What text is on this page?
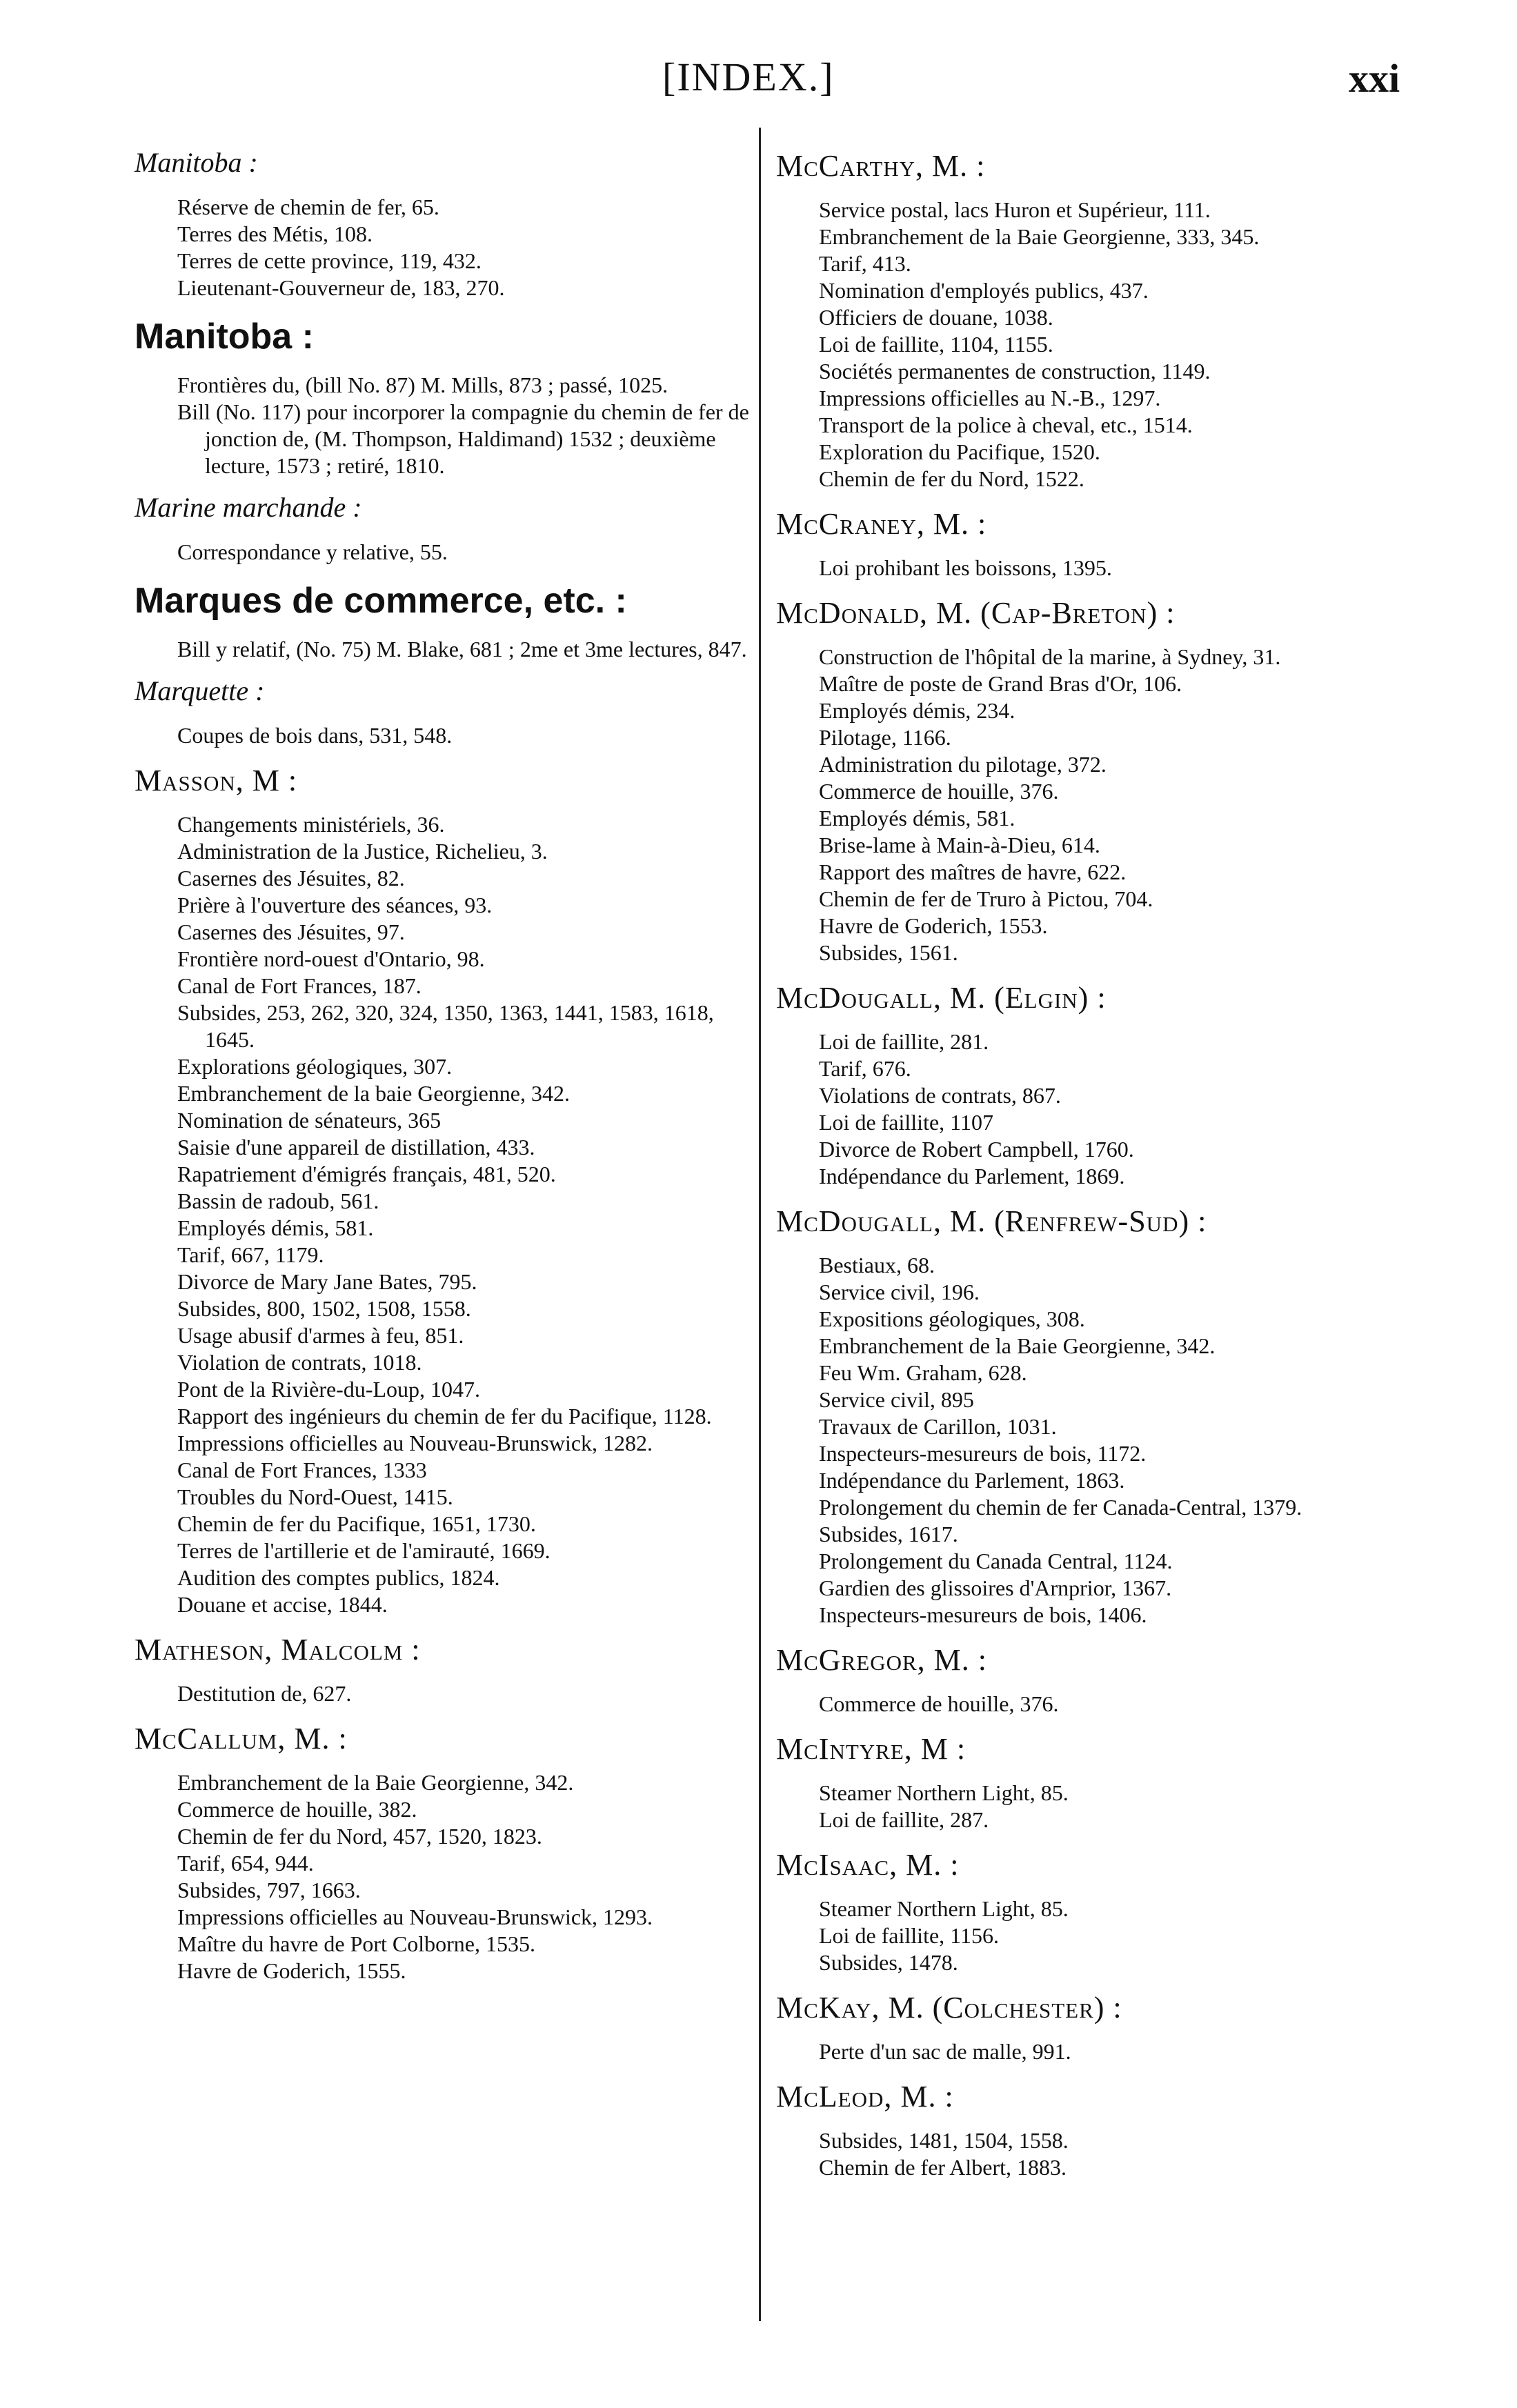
[INDEX.]	xxi
Manitoba :
Réserve de chemin de fer, 65.
Terres des Métis, 108.
Terres de cette province, 119, 432.
Lieutenant-Gouverneur de, 183, 270.
Manitoba :
Frontières du, (bill No. 87) M. Mills, 873 ; passé, 1025.
Bill (No. 117) pour incorporer la compagnie du chemin de fer de jonction de, (M. Thompson, Haldimand) 1532 ; deuxième lecture, 1573 ; retiré, 1810.
Marine marchande :
Correspondance y relative, 55.
Marques de commerce, etc. :
Bill y relatif, (No. 75) M. Blake, 681 ; 2me et 3me lectures, 847.
Marquette :
Coupes de bois dans, 531, 548.
Masson, M :
Changements ministériels, 36.
Administration de la Justice, Richelieu, 3.
Casernes des Jésuites, 82.
Prière à l'ouverture des séances, 93.
Casernes des Jésuites, 97.
Frontière nord-ouest d'Ontario, 98.
Canal de Fort Frances, 187.
Subsides, 253, 262, 320, 324, 1350, 1363, 1441, 1583, 1618, 1645.
Explorations géologiques, 307.
Embranchement de la baie Georgienne, 342.
Nomination de sénateurs, 365
Saisie d'une appareil de distillation, 433.
Rapatriement d'émigrés français, 481, 520.
Bassin de radoub, 561.
Employés démis, 581.
Tarif, 667, 1179.
Divorce de Mary Jane Bates, 795.
Subsides, 800, 1502, 1508, 1558.
Usage abusif d'armes à feu, 851.
Violation de contrats, 1018.
Pont de la Rivière-du-Loup, 1047.
Rapport des ingénieurs du chemin de fer du Pacifique, 1128.
Impressions officielles au Nouveau-Brunswick, 1282.
Canal de Fort Frances, 1333
Troubles du Nord-Ouest, 1415.
Chemin de fer du Pacifique, 1651, 1730.
Terres de l'artillerie et de l'amirauté, 1669.
Audition des comptes publics, 1824.
Douane et accise, 1844.
Matheson, Malcolm :
Destitution de, 627.
McCallum, M. :
Embranchement de la Baie Georgienne, 342.
Commerce de houille, 382.
Chemin de fer du Nord, 457, 1520, 1823.
Tarif, 654, 944.
Subsides, 797, 1663.
Impressions officielles au Nouveau-Brunswick, 1293.
Maître du havre de Port Colborne, 1535.
Havre de Goderich, 1555.
McCarthy, M. :
Service postal, lacs Huron et Supérieur, 111.
Embranchement de la Baie Georgienne, 333, 345.
Tarif, 413.
Nomination d'employés publics, 437.
Officiers de douane, 1038.
Loi de faillite, 1104, 1155.
Sociétés permanentes de construction, 1149.
Impressions officielles au N.-B., 1297.
Transport de la police à cheval, etc., 1514.
Exploration du Pacifique, 1520.
Chemin de fer du Nord, 1522.
McCraney, M. :
Loi prohibant les boissons, 1395.
McDonald, M. (Cap-Breton) :
Construction de l'hôpital de la marine, à Sydney, 31.
Maître de poste de Grand Bras d'Or, 106.
Employés démis, 234.
Pilotage, 1166.
Administration du pilotage, 372.
Commerce de houille, 376.
Employés démis, 581.
Brise-lame à Main-à-Dieu, 614.
Rapport des maîtres de havre, 622.
Chemin de fer de Truro à Pictou, 704.
Havre de Goderich, 1553.
Subsides, 1561.
McDougall, M. (Elgin) :
Loi de faillite, 281.
Tarif, 676.
Violations de contrats, 867.
Loi de faillite, 1107
Divorce de Robert Campbell, 1760.
Indépendance du Parlement, 1869.
McDougall, M. (Renfrew-Sud) :
Bestiaux, 68.
Service civil, 196.
Expositions géologiques, 308.
Embranchement de la Baie Georgienne, 342.
Feu Wm. Graham, 628.
Service civil, 895
Travaux de Carillon, 1031.
Inspecteurs-mesureurs de bois, 1172.
Indépendance du Parlement, 1863.
Prolongement du chemin de fer Canada-Central, 1379.
Subsides, 1617.
Prolongement du Canada Central, 1124.
Gardien des glissoires d'Arnprior, 1367.
Inspecteurs-mesureurs de bois, 1406.
McGregor, M. :
Commerce de houille, 376.
McIntyre, M :
Steamer Northern Light, 85.
Loi de faillite, 287.
McIsaac, M. :
Steamer Northern Light, 85.
Loi de faillite, 1156.
Subsides, 1478.
McKay, M. (Colchester) :
Perte d'un sac de malle, 991.
McLeod, M. :
Subsides, 1481, 1504, 1558.
Chemin de fer Albert, 1883.
